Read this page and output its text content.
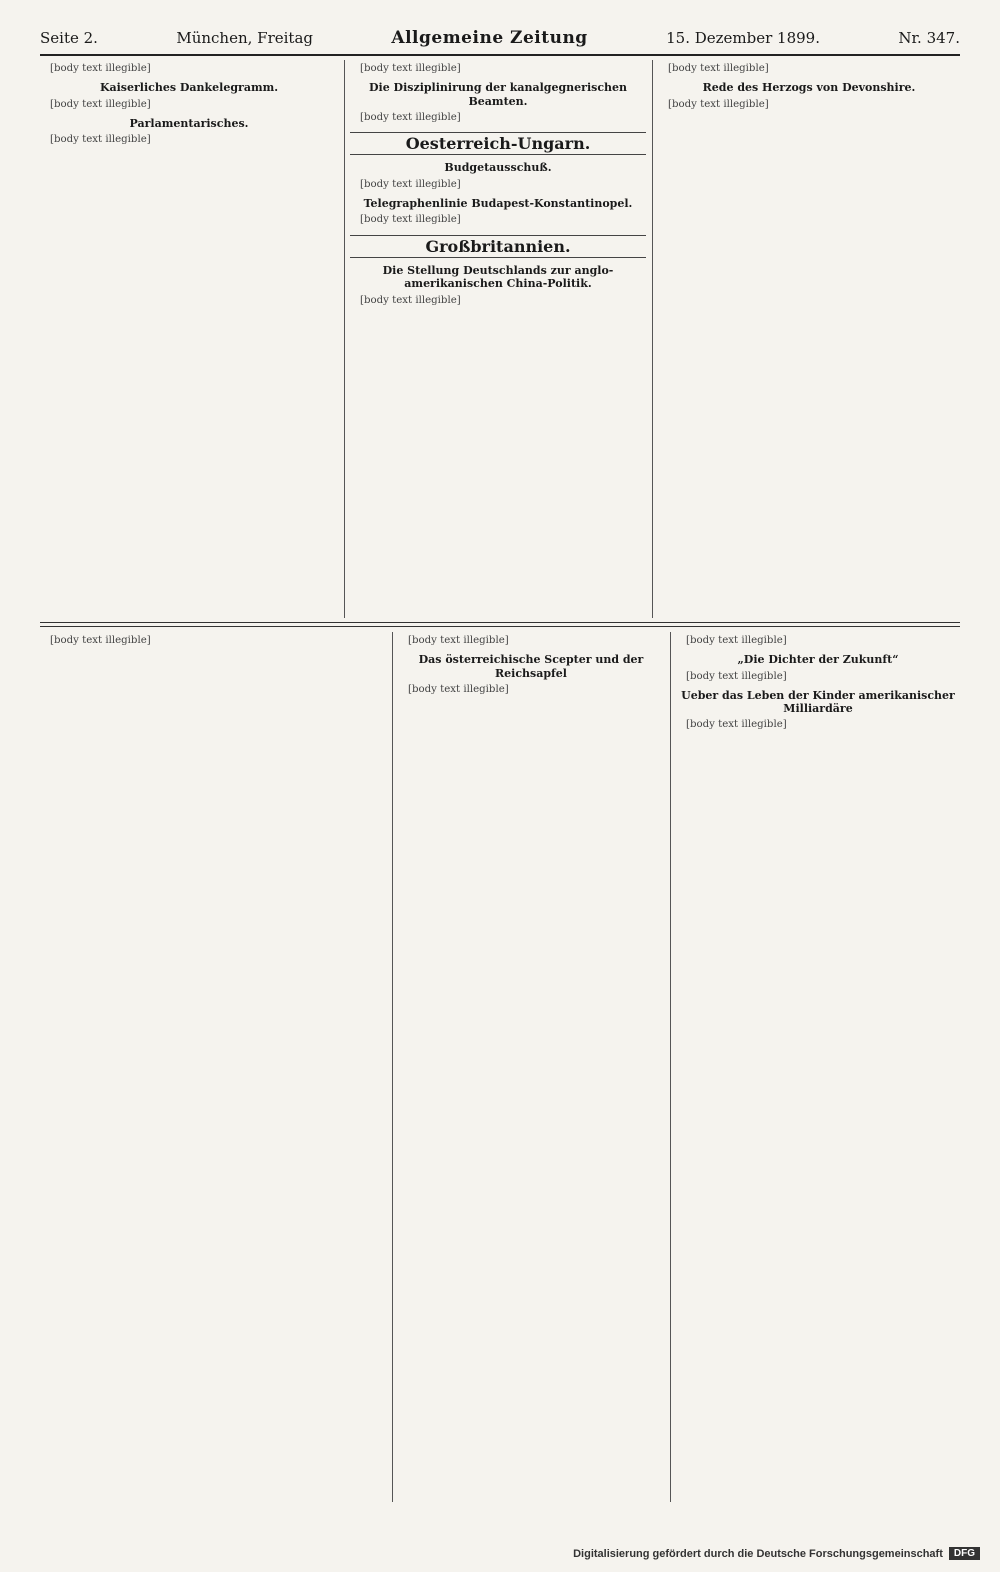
Seite 2.	München, Freitag	Allgemeine Zeitung	15. Dezember 1899.	Nr. 347.

[body text illegible]

Kaiserliches Dankelegramm.

[body text illegible]

Parlamentarisches.

[body text illegible]

[body text illegible]

Die Disziplinirung der kanalgegnerischen Beamten.

[body text illegible]

Oesterreich-Ungarn.
Budgetausschuß.

[body text illegible]

Telegraphenlinie Budapest-Konstantinopel.

[body text illegible]

Großbritannien.
Die Stellung Deutschlands zur anglo-amerikanischen China-Politik.

[body text illegible]

[body text illegible]

Rede des Herzogs von Devonshire.

[body text illegible]

[body text illegible]	[body text illegible]

Das österreichische Scepter und der Reichsapfel

[body text illegible]

[body text illegible]

„Die Dichter der Zukunft“

[body text illegible]

Ueber das Leben der Kinder amerikanischer Milliardäre

[body text illegible]

Digitalisierung gefördert durch die Deutsche Forschungsgemeinschaft	DFG
